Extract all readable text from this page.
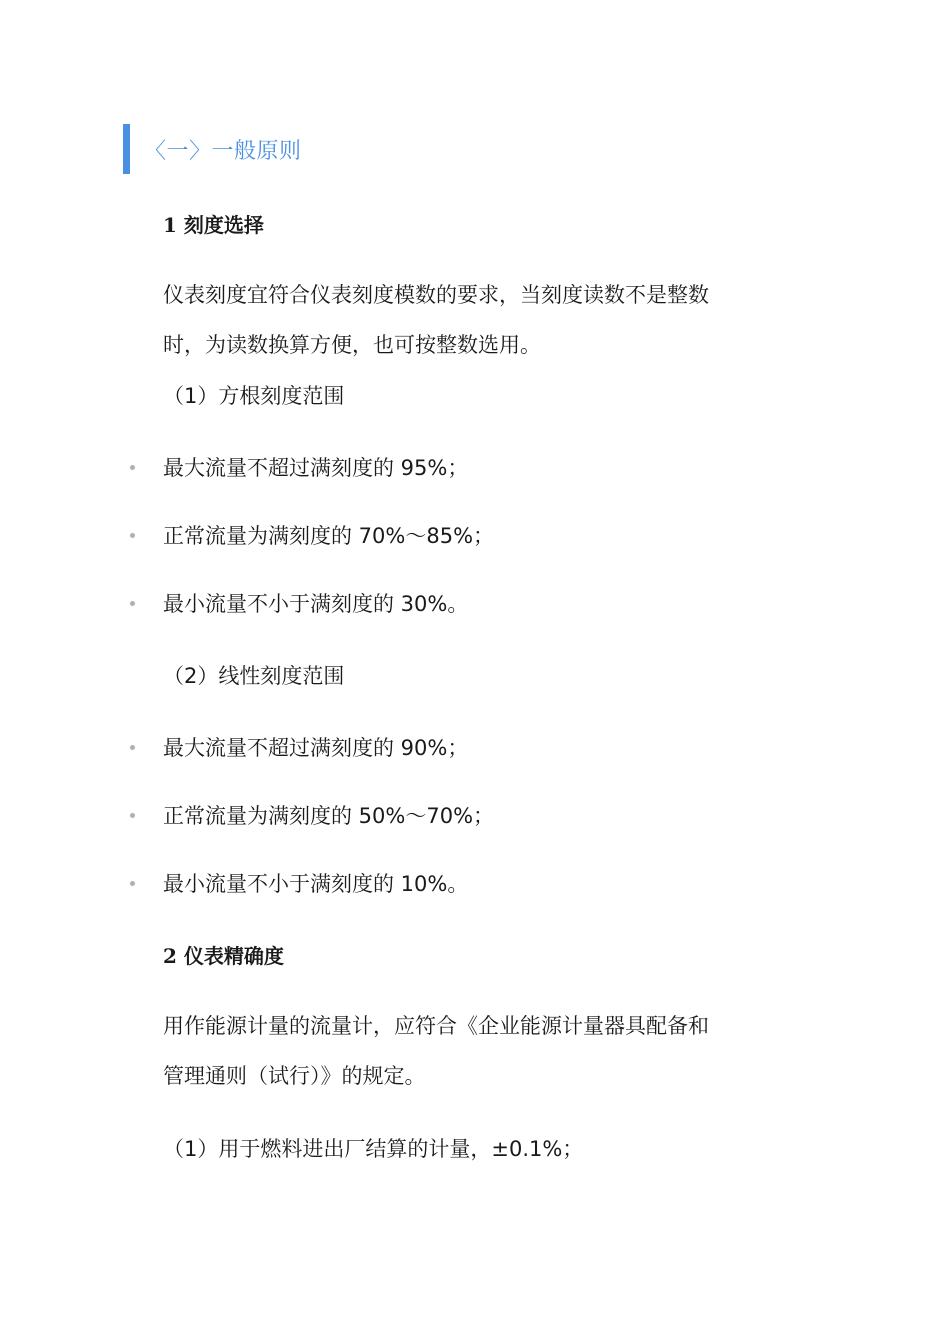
〈一〉一般原则
1 刻度选择
仪表刻度宜符合仪表刻度模数的要求，当刻度读数不是整数
时，为读数换算方便，也可按整数选用。
（1）方根刻度范围
最大流量不超过满刻度的 95%；
正常流量为满刻度的 70%～85%；
最小流量不小于满刻度的 30%。
（2）线性刻度范围
最大流量不超过满刻度的 90%；
正常流量为满刻度的 50%～70%；
最小流量不小于满刻度的 10%。
2 仪表精确度
用作能源计量的流量计，应符合《企业能源计量器具配备和
管理通则（试行）》的规定。
（1）用于燃料进出厂结算的计量，±0.1%；
